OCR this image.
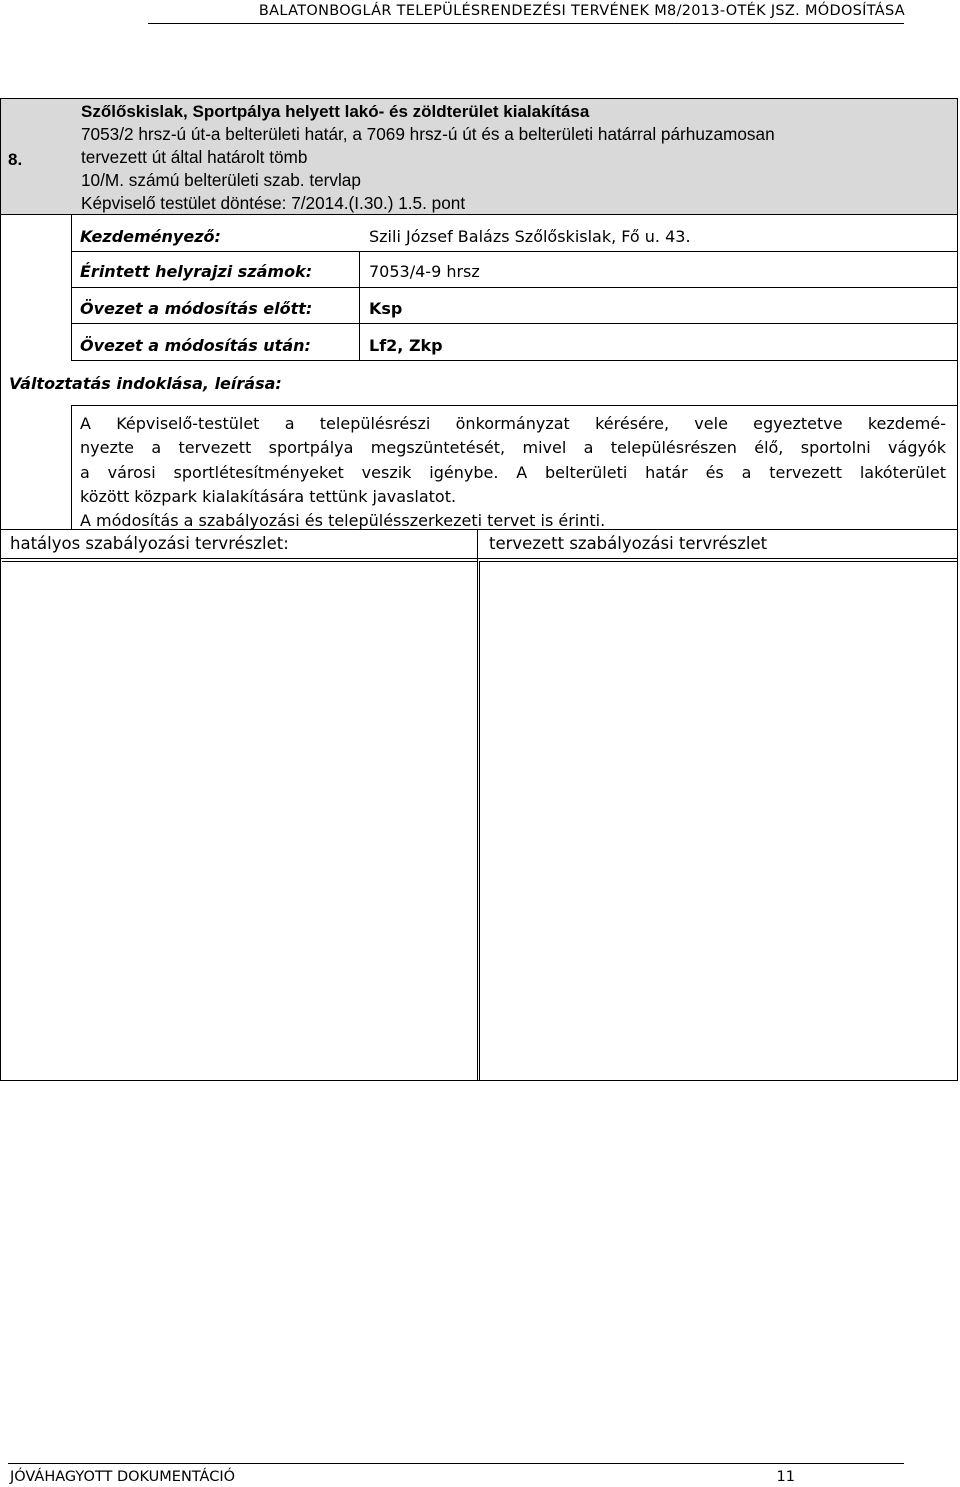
BALATONBOGLÁR TELEPÜLÉSRENDEZÉSI TERVÉNEK M8/2013-OTÉK JSZ. MÓDOSÍTÁSA
8.
Szőlőskislak, Sportpálya helyett lakó- és zöldterület kialakítása
7053/2 hrsz-ú út-a belterületi határ, a 7069 hrsz-ú út és a belterületi határral párhuzamosan
tervezett út által határolt tömb
10/M. számú belterületi szab. tervlap
Képviselő testület döntése: 7/2014.(I.30.) 1.5. pont
Kezdeményező:	Szili József Balázs Szőlőskislak, Fő u. 43.
Érintett helyrajzi számok:	7053/4-9 hrsz
Övezet a módosítás előtt:	Ksp
Övezet a módosítás után:	Lf2, Zkp
Változtatás indoklása, leírása:
A Képviselő-testület a településrészi önkormányzat kérésére, vele egyeztetve kezdemé-
nyezte a tervezett sportpálya megszüntetését, mivel a településrészen élő, sportolni vágyók
a városi sportlétesítményeket veszik igénybe. A belterületi határ és a tervezett lakóterület
között közpark kialakítására tettünk javaslatot.
A módosítás a szabályozási és településszerkezeti tervet is érinti.
hatályos szabályozási tervrészlet:	tervezett szabályozási tervrészlet
JÓVÁHAGYOTT DOKUMENTÁCIÓ	11
